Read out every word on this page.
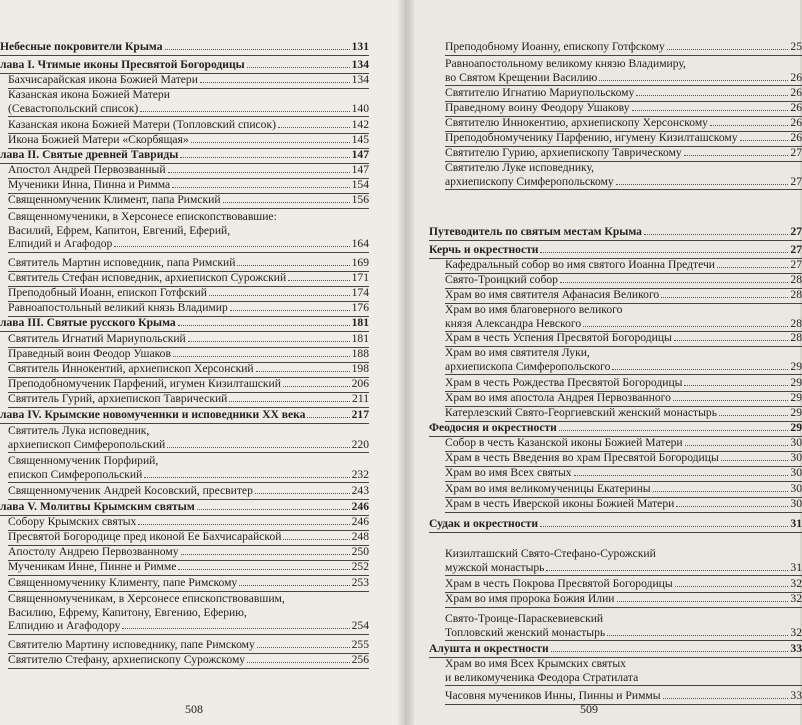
Небесные покровители Крыма	131
лава I. Чтимые иконы Пресвятой Богородицы	134
Бахчисарайская икона Божией Матери	134
Казанская икона Божией Матери
(Севастопольский список)	140
Казанская икона Божией Матери (Топловский список)	142
Икона Божией Матери «Скорбящая»	145
лава II. Святые древней Тавриды	147
Апостол Андрей Первозванный	147
Мученики Инна, Пинна и Римма	154
Священномученик Климент, папа Римский	156
Священномученики, в Херсонесе епископствовавшие:
Василий, Ефрем, Капитон, Евгений, Еферий,
Елпидий и Агафодор	164
Святитель Мартин исповедник, папа Римский	169
Святитель Стефан исповедник, архиепископ Сурожский	171
Преподобный Иоанн, епископ Готфский	174
Равноапостольный великий князь Владимир	176
лава III. Святые русского Крыма	181
Святитель Игнатий Мариупольский	181
Праведный воин Феодор Ушаков	188
Святитель Иннокентий, архиепископ Херсонский	198
Преподобномученик Парфений, игумен Кизилташский	206
Святитель Гурий, архиепископ Таврический	211
лава IV. Крымские новомученики и исповедники XX века	217
Святитель Лука исповедник,
архиепископ Симферопольский	220
Священномученик Порфирий,
епископ Симферопольский	232
Священномученик Андрей Косовский, пресвитер	243
лава V. Молитвы Крымским святым	246
Собору Крымских святых	246
Пресвятой Богородице пред иконой Ее Бахчисарайской	248
Апостолу Андрею Первозванному	250
Мученикам Инне, Пинне и Римме	252
Священномученику Клименту, папе Римскому	253
Священномученикам, в Херсонесе епископствовавшим,
Василию, Ефрему, Капитону, Евгению, Еферию,
Елпидию и Агафодору	254
Святителю Мартину исповеднику, папе Римскому	255
Святителю Стефану, архиепископу Сурожскому	256
508
Преподобному Иоанну, епископу Готфскому	25
Равноапостольному великому князю Владимиру,
во Святом Крещении Василию	26
Святителю Игнатию Мариупольскому	26
Праведному воину Феодору Ушакову	26
Святителю Иннокентию, архиепископу Херсонскому	26
Преподобномученику Парфению, игумену Кизилташскому	26
Святителю Гурию, архиепископу Таврическому	27
Святителю Луке исповеднику,
архиепископу Симферопольскому	27
Путеводитель по святым местам Крыма	27
Керчь и окрестности	27
Кафедральный собор во имя святого Иоанна Предтечи	27
Свято-Троицкий собор	28
Храм во имя святителя Афанасия Великого	28
Храм во имя благоверного великого
князя Александра Невского	28
Храм в честь Успения Пресвятой Богородицы	28
Храм во имя святителя Луки,
архиепископа Симферопольского	29
Храм в честь Рождества Пресвятой Богородицы	29
Храм во имя апостола Андрея Первозванного	29
Катерлезский Свято-Георгиевский женский монастырь	29
Феодосия и окрестности	29
Собор в честь Казанской иконы Божией Матери	30
Храм в честь Введения во храм Пресвятой Богородицы	30
Храм во имя Всех святых	30
Храм во имя великомученицы Екатерины	30
Храм в честь Иверской иконы Божией Матери	30
Судак и окрестности	31
Кизилташский Свято-Стефано-Сурожский
мужской монастырь	31
Храм в честь Покрова Пресвятой Богородицы	32
Храм во имя пророка Божия Илии	32
Свято-Троице-Параскевиевский
Топловский женский монастырь	32
Алушта и окрестности	33
Храм во имя Всех Крымских святых
и великомученика Феодора Стратилата
Часовня мучеников Инны, Пинны и Риммы	33
509
